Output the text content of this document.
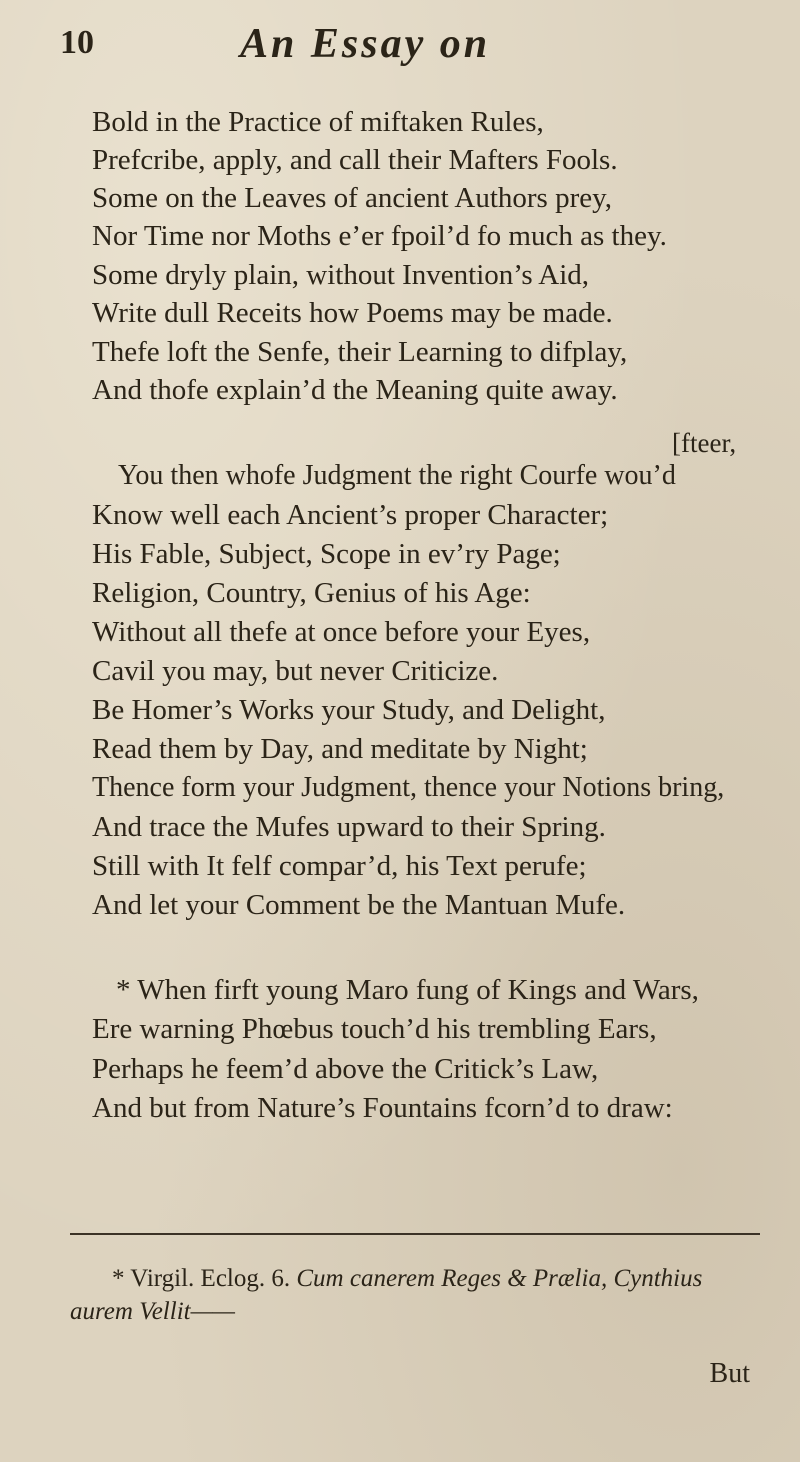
10	An Essay on
Bold in the Practice of miftaken Rules,
Prefcribe, apply, and call their Mafters Fools.
Some on the Leaves of ancient Authors prey,
Nor Time nor Moths e’er fpoil’d fo much as they.
Some dryly plain, without Invention’s Aid,
Write dull Receits how Poems may be made.
Thefe loft the Senfe, their Learning to difplay,
And thofe explain’d the Meaning quite away.
[fteer,
You then whofe Judgment the right Courfe wou’d
Know well each Ancient’s proper Character;
His Fable, Subject, Scope in ev’ry Page;
Religion, Country, Genius of his Age:
Without all thefe at once before your Eyes,
Cavil you may, but never Criticize.
Be Homer’s Works your Study, and Delight,
Read them by Day, and meditate by Night;
Thence form your Judgment, thence your Notions bring,
And trace the Mufes upward to their Spring.
Still with It felf compar’d, his Text perufe;
And let your Comment be the Mantuan Mufe.
* When firft young Maro fung of Kings and Wars,
Ere warning Phœbus touch’d his trembling Ears,
Perhaps he feem’d above the Critick’s Law,
And but from Nature’s Fountains fcorn’d to draw:
* Virgil. Eclog. 6. Cum canerem Reges & Prælia, Cynthius
aurem Vellit——
But
